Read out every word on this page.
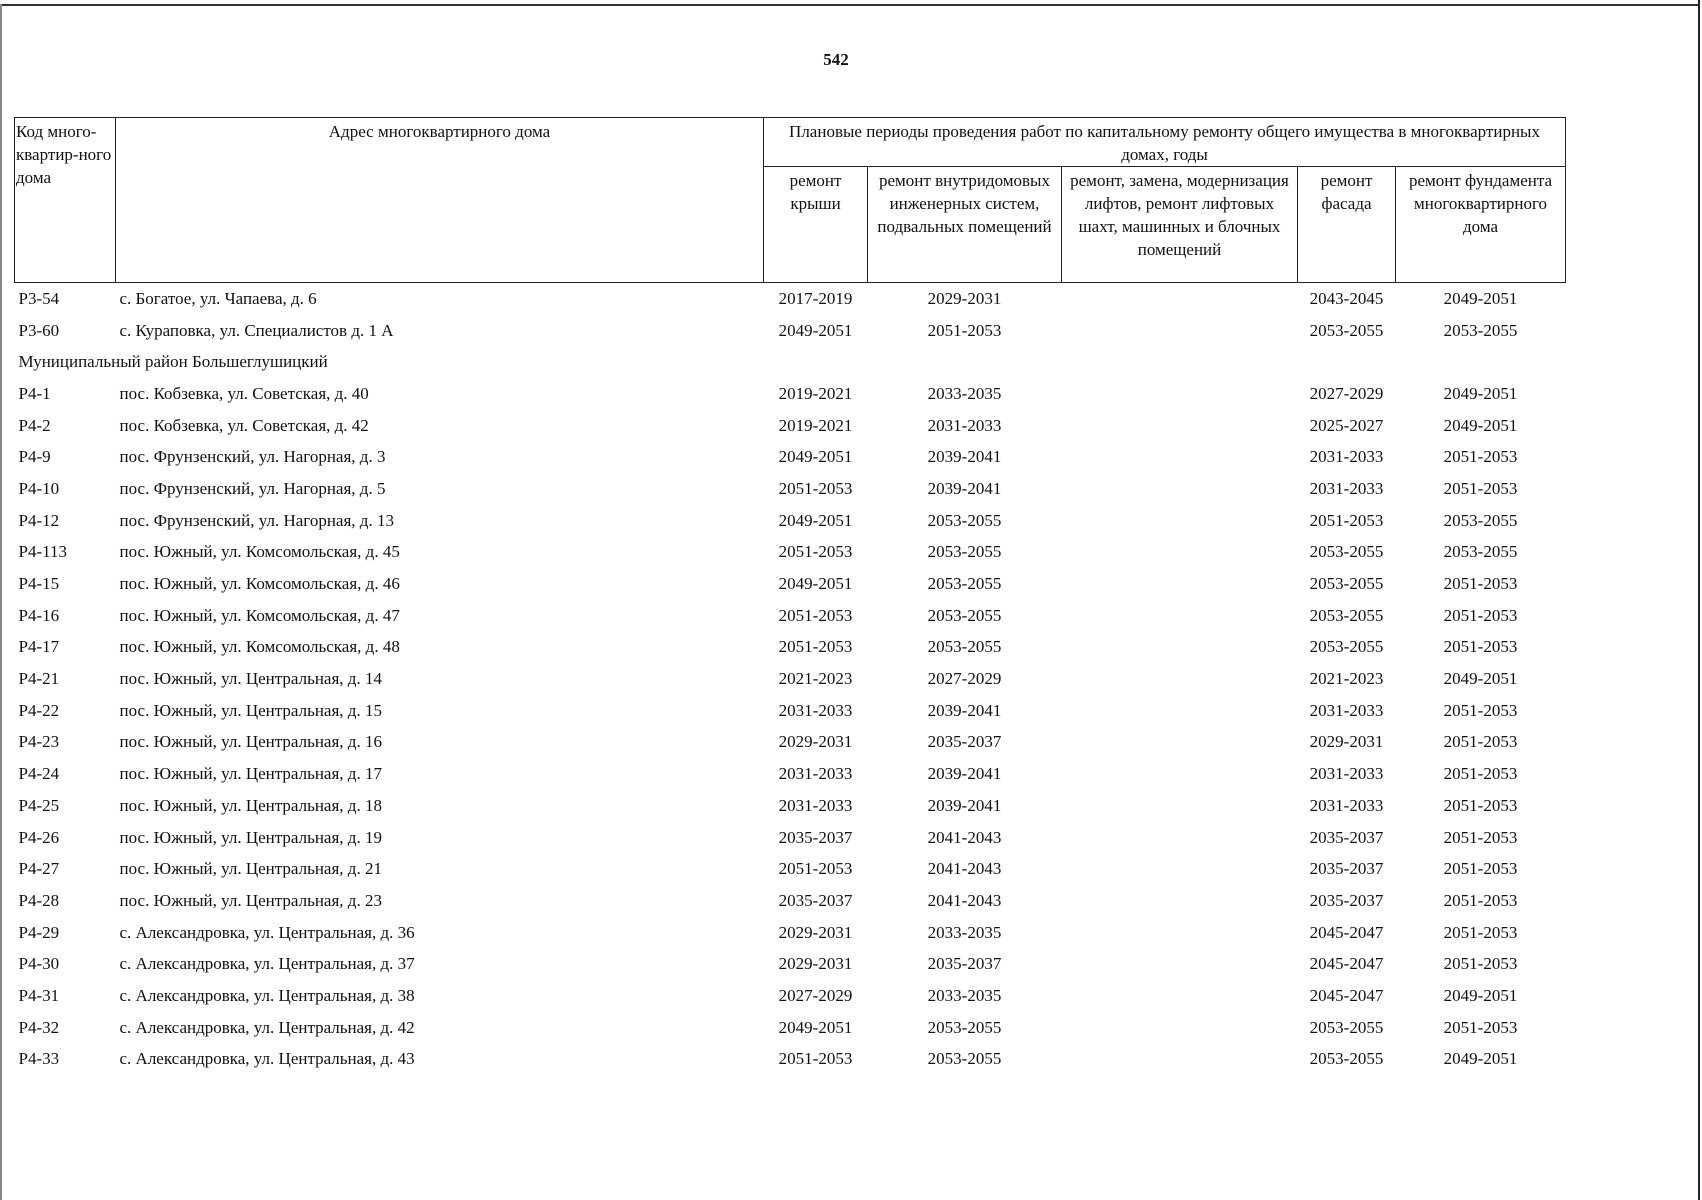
542
Код много-квартир-ного дома	Адрес многоквартирного дома	Плановые периоды проведения работ по капитальному ремонту общего имущества в многоквартирных домах, годы				
		ремонт крыши	ремонт внутридомовых инженерных систем, подвальных помещений	ремонт, замена, модернизация лифтов, ремонт лифтовых шахт, машинных и блочных помещений	ремонт фасада	ремонт фундамента многоквартирного дома
Р3-54	с. Богатое, ул. Чапаева, д. 6	2017-2019	2029-2031		2043-2045	2049-2051
Р3-60	с. Кураповка, ул. Специалистов д. 1 А	2049-2051	2051-2053		2053-2055	2053-2055
Муниципальный район Большеглушицкий						
Р4-1	пос. Кобзевка, ул. Советская, д. 40	2019-2021	2033-2035		2027-2029	2049-2051
Р4-2	пос. Кобзевка, ул. Советская, д. 42	2019-2021	2031-2033		2025-2027	2049-2051
Р4-9	пос. Фрунзенский, ул. Нагорная, д. 3	2049-2051	2039-2041		2031-2033	2051-2053
Р4-10	пос. Фрунзенский, ул. Нагорная, д. 5	2051-2053	2039-2041		2031-2033	2051-2053
Р4-12	пос. Фрунзенский, ул. Нагорная, д. 13	2049-2051	2053-2055		2051-2053	2053-2055
Р4-113	пос. Южный, ул. Комсомольская, д. 45	2051-2053	2053-2055		2053-2055	2053-2055
Р4-15	пос. Южный, ул. Комсомольская, д. 46	2049-2051	2053-2055		2053-2055	2051-2053
Р4-16	пос. Южный, ул. Комсомольская, д. 47	2051-2053	2053-2055		2053-2055	2051-2053
Р4-17	пос. Южный, ул. Комсомольская, д. 48	2051-2053	2053-2055		2053-2055	2051-2053
Р4-21	пос. Южный, ул. Центральная, д. 14	2021-2023	2027-2029		2021-2023	2049-2051
Р4-22	пос. Южный, ул. Центральная, д. 15	2031-2033	2039-2041		2031-2033	2051-2053
Р4-23	пос. Южный, ул. Центральная, д. 16	2029-2031	2035-2037		2029-2031	2051-2053
Р4-24	пос. Южный, ул. Центральная, д. 17	2031-2033	2039-2041		2031-2033	2051-2053
Р4-25	пос. Южный, ул. Центральная, д. 18	2031-2033	2039-2041		2031-2033	2051-2053
Р4-26	пос. Южный, ул. Центральная, д. 19	2035-2037	2041-2043		2035-2037	2051-2053
Р4-27	пос. Южный, ул. Центральная, д. 21	2051-2053	2041-2043		2035-2037	2051-2053
Р4-28	пос. Южный, ул. Центральная, д. 23	2035-2037	2041-2043		2035-2037	2051-2053
Р4-29	с. Александровка, ул. Центральная, д. 36	2029-2031	2033-2035		2045-2047	2051-2053
Р4-30	с. Александровка, ул. Центральная, д. 37	2029-2031	2035-2037		2045-2047	2051-2053
Р4-31	с. Александровка, ул. Центральная, д. 38	2027-2029	2033-2035		2045-2047	2049-2051
Р4-32	с. Александровка, ул. Центральная, д. 42	2049-2051	2053-2055		2053-2055	2051-2053
Р4-33	с. Александровка, ул. Центральная, д. 43	2051-2053	2053-2055		2053-2055	2049-2051
